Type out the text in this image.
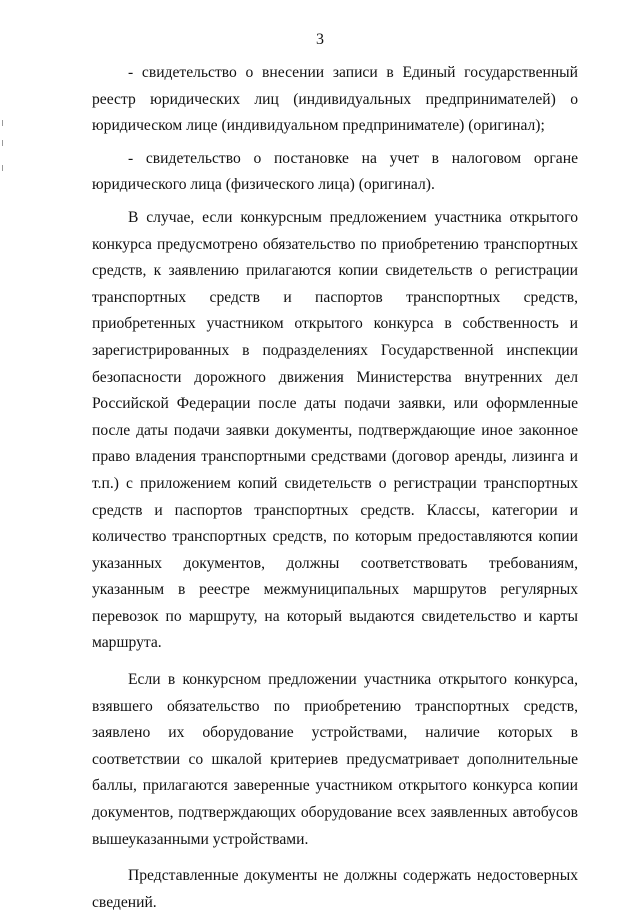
3

- свидетельство о внесении записи в Единый государственный реестр юридических лиц (индивидуальных предпринимателей) о юридическом лице (индивидуальном предпринимателе) (оригинал);

- свидетельство о постановке на учет в налоговом органе юридического лица (физического лица) (оригинал).

В случае, если конкурсным предложением участника открытого конкурса предусмотрено обязательство по приобретению транспортных средств, к заявлению прилагаются копии свидетельств о регистрации транспортных средств и паспортов транспортных средств, приобретенных участником открытого конкурса в собственность и зарегистрированных в подразделениях Государственной инспекции безопасности дорожного движения Министерства внутренних дел Российской Федерации после даты подачи заявки, или оформленные после даты подачи заявки документы, подтверждающие иное законное право владения транспортными средствами (договор аренды, лизинга и т.п.) с приложением копий свидетельств о регистрации транспортных средств и паспортов транспортных средств. Классы, категории и количество транспортных средств, по которым предоставляются копии указанных документов, должны соответствовать требованиям, указанным в реестре межмуниципальных маршрутов регулярных перевозок по маршруту, на который выдаются свидетельство и карты маршрута.

Если в конкурсном предложении участника открытого конкурса, взявшего обязательство по приобретению транспортных средств, заявлено их оборудование устройствами, наличие которых в соответствии со шкалой критериев предусматривает дополнительные баллы, прилагаются заверенные участником открытого конкурса копии документов, подтверждающих оборудование всех заявленных автобусов вышеуказанными устройствами.

Представленные документы не должны содержать недостоверных сведений.
